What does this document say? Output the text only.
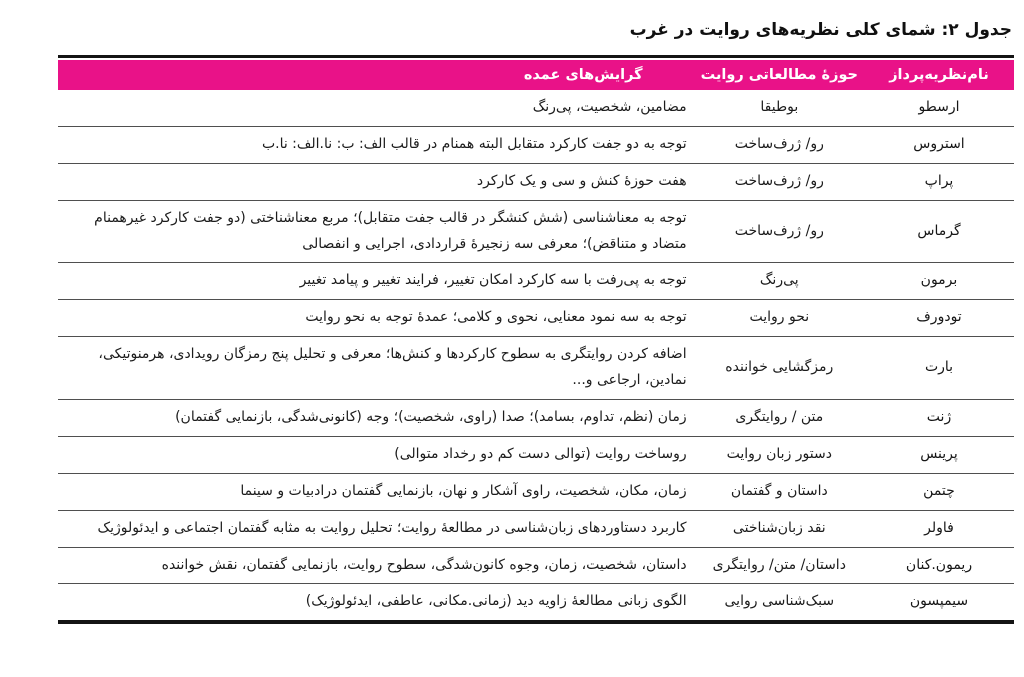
جدول ۲: شمای کلی نظریه‌های روایت در غرب
نام‌نظریه‌پرداز	حوزهٔ مطالعاتی روایت	گرایش‌های عمده
ارسطو	بوطیقا	مضامین، شخصیت، پی‌رنگ
استروس	رو/ ژرف‌ساخت	توجه به دو جفت کارکرد متقابل البته همنام در قالب الف: ب: نا.الف: نا.ب
پراپ	رو/ ژرف‌ساخت	هفت حوزهٔ کنش و سی و یک کارکرد
گرماس	رو/ ژرف‌ساخت	توجه به معناشناسی (شش کنشگر در قالب جفت متقابل)؛ مربع معناشناختی (دو جفت کارکرد غیرهمنام متضاد و متناقض)؛ معرفی سه زنجیرهٔ قراردادی، اجرایی و انفصالی
برمون	پی‌رنگ	توجه به پی‌رفت با سه کارکرد امکان تغییر، فرایند تغییر و پیامد تغییر
تودورف	نحو روایت	توجه به سه نمود معنایی، نحوی و کلامی؛ عمدهٔ توجه به نحو روایت
بارت	رمزگشایی خواننده	اضافه کردن روایتگری به سطوح کارکردها و کنش‌ها؛ معرفی و تحلیل پنج رمزگان رویدادی، هرمنوتیکی، نمادین، ارجاعی و...
ژنت	متن / روایتگری	زمان (نظم، تداوم، بسامد)؛ صدا (راوی، شخصیت)؛ وجه (کانونی‌شدگی، بازنمایی گفتمان)
پرینس	دستور زبان روایت	روساخت روایت (توالی دست کم دو رخداد متوالی)
چتمن	داستان و گفتمان	زمان، مکان، شخصیت، راوی آشکار و نهان، بازنمایی گفتمان درادبیات و سینما
فاولر	نقد زبان‌شناختی	کاربرد دستاوردهای زبان‌شناسی در مطالعهٔ روایت؛ تحلیل روایت به مثابه گفتمان اجتماعی و ایدئولوژیک
ریمون.کنان	داستان/ متن/ روایتگری	داستان، شخصیت، زمان، وجوه کانون‌شدگی، سطوح روایت، بازنمایی گفتمان، نقش خواننده
سیمپسون	سبک‌شناسی روایی	الگوی زبانی مطالعهٔ زاویه دید (زمانی.مکانی، عاطفی، ایدئولوژیک)
